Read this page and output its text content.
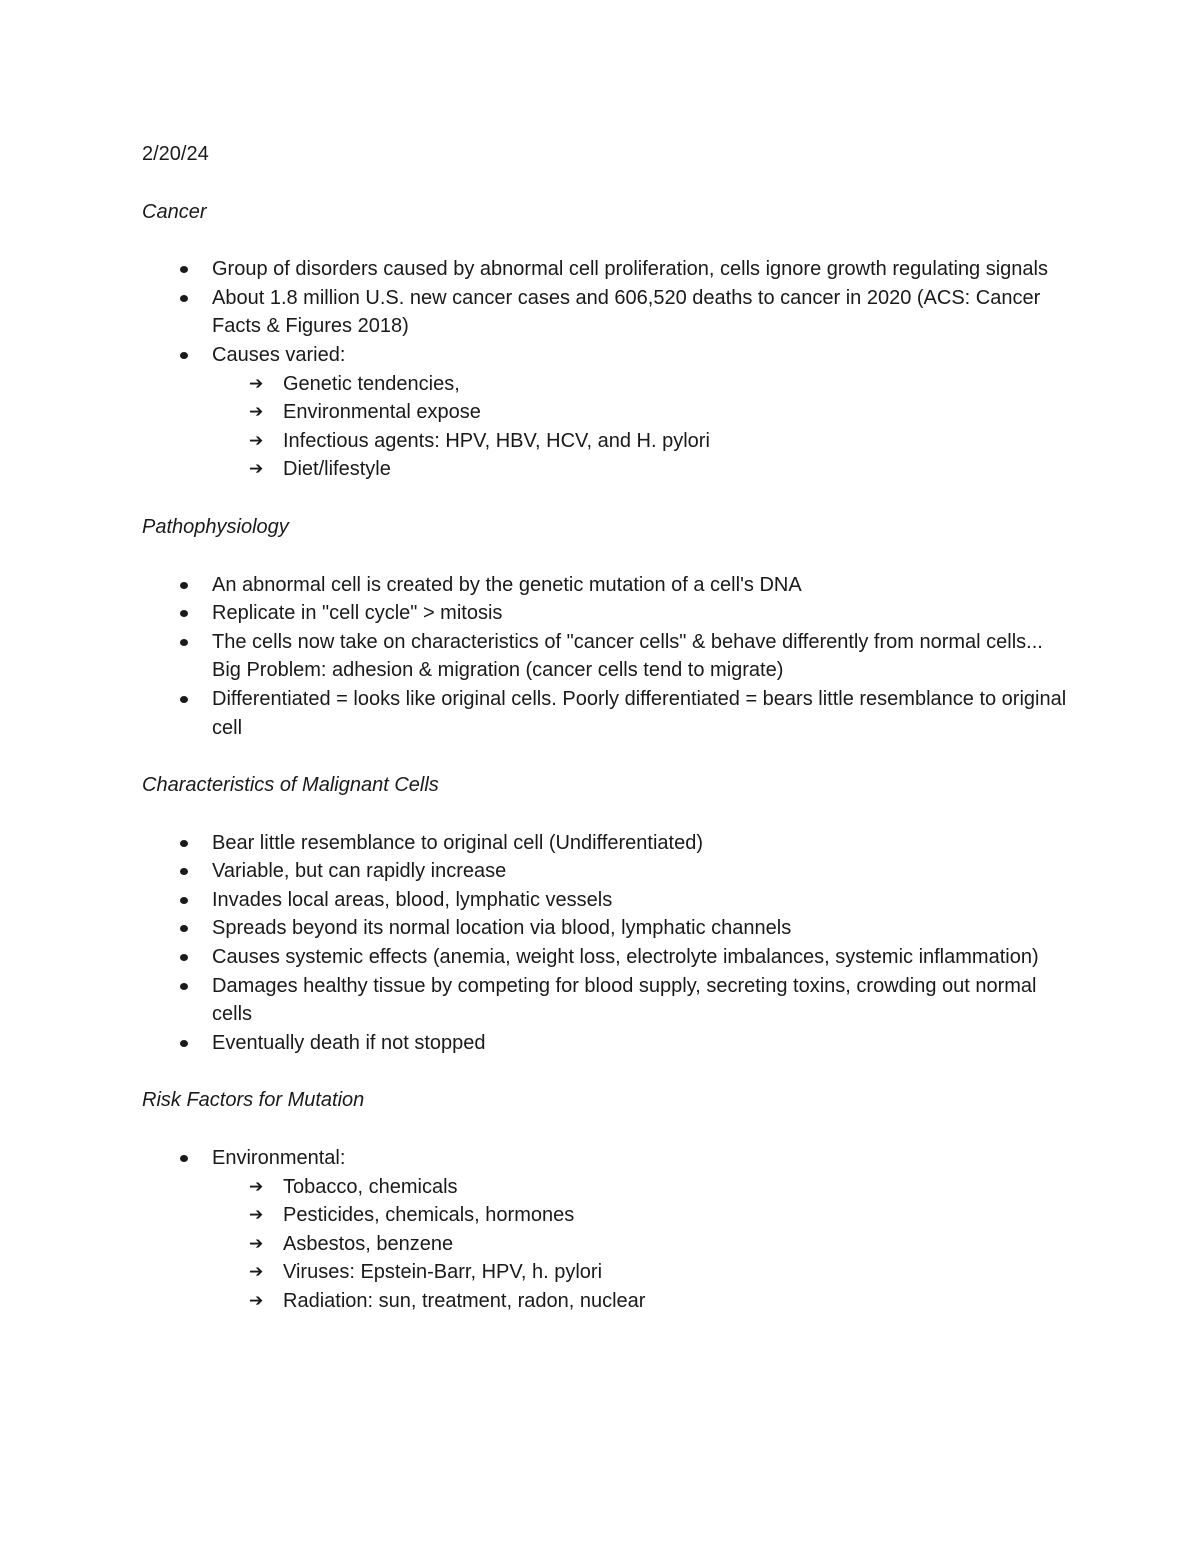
2/20/24
Cancer
Group of disorders caused by abnormal cell proliferation, cells ignore growth regulating signals
About 1.8 million U.S. new cancer cases and 606,520 deaths to cancer in 2020 (ACS: Cancer Facts & Figures 2018)
Causes varied:
➔ Genetic tendencies,
➔ Environmental expose
➔ Infectious agents: HPV, HBV, HCV, and H. pylori
➔ Diet/lifestyle
Pathophysiology
An abnormal cell is created by the genetic mutation of a cell's DNA
Replicate in "cell cycle" > mitosis
The cells now take on characteristics of "cancer cells" & behave differently from normal cells... Big Problem: adhesion & migration (cancer cells tend to migrate)
Differentiated = looks like original cells. Poorly differentiated = bears little resemblance to original cell
Characteristics of Malignant Cells
Bear little resemblance to original cell (Undifferentiated)
Variable, but can rapidly increase
Invades local areas, blood, lymphatic vessels
Spreads beyond its normal location via blood, lymphatic channels
Causes systemic effects (anemia, weight loss, electrolyte imbalances, systemic inflammation)
Damages healthy tissue by competing for blood supply, secreting toxins, crowding out normal cells
Eventually death if not stopped
Risk Factors for Mutation
Environmental:
➔ Tobacco, chemicals
➔ Pesticides, chemicals, hormones
➔ Asbestos, benzene
➔ Viruses: Epstein-Barr, HPV, h. pylori
➔ Radiation: sun, treatment, radon, nuclear
